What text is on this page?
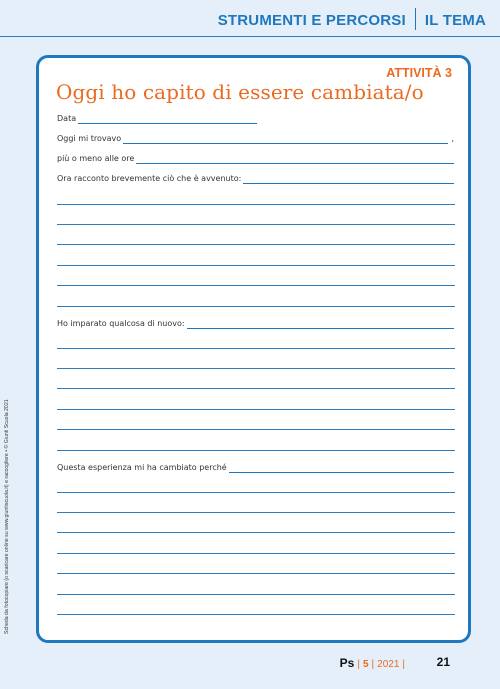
STRUMENTI E PERCORSI	IL TEMA
Scheda da fotocopiare (o scaricare online su www.giuntiscuola.it) e raccogliere • © Giunti Scuola 2021
ATTIVITÀ 3
Oggi ho capito di essere cambiata/o
Data
Oggi mi trovavo	,
più o meno alle ore
Ora racconto brevemente ciò che è avvenuto:
Ho imparato qualcosa di nuovo:
Questa esperienza mi ha cambiato perché
Ps | 5 | 2021 |	21
